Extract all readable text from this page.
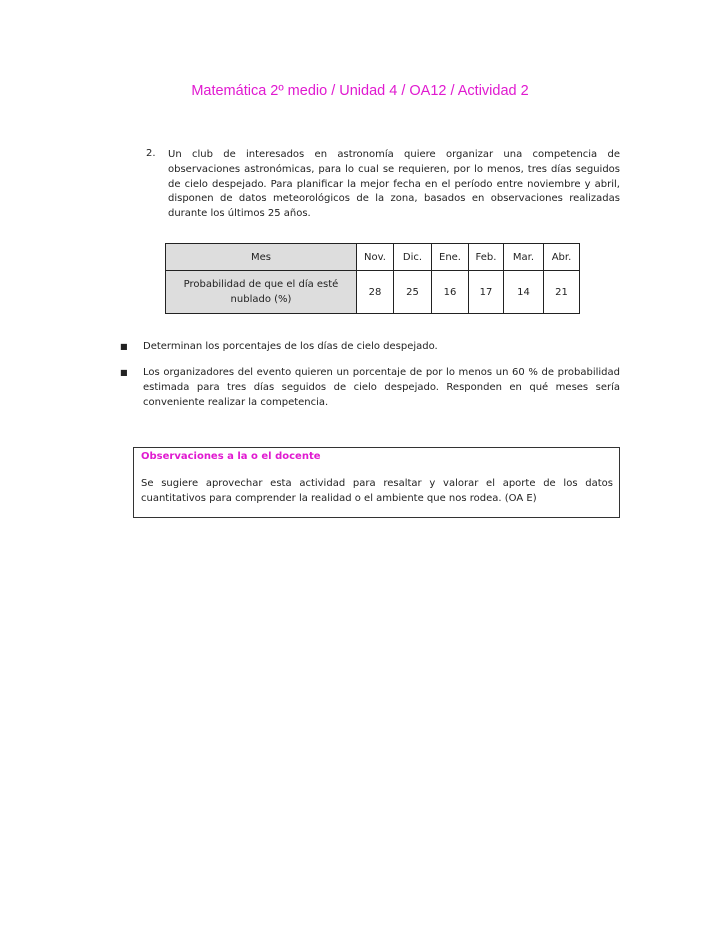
Matemática 2º medio / Unidad 4 / OA12 / Actividad 2
2. Un club de interesados en astronomía quiere organizar una competencia de observaciones astronómicas, para lo cual se requieren, por lo menos, tres días seguidos de cielo despejado. Para planificar la mejor fecha en el período entre noviembre y abril, disponen de datos meteorológicos de la zona, basados en observaciones realizadas durante los últimos 25 años.
Mes	Nov.	Dic.	Ene.	Feb.	Mar.	Abr.
Probabilidad de que el día esté nublado (%)	28	25	16	17	14	21
■ Determinan los porcentajes de los días de cielo despejado.
■ Los organizadores del evento quieren un porcentaje de por lo menos un 60 % de probabilidad estimada para tres días seguidos de cielo despejado. Responden en qué meses sería conveniente realizar la competencia.
Observaciones a la o el docente
Se sugiere aprovechar esta actividad para resaltar y valorar el aporte de los datos cuantitativos para comprender la realidad o el ambiente que nos rodea. (OA E)
